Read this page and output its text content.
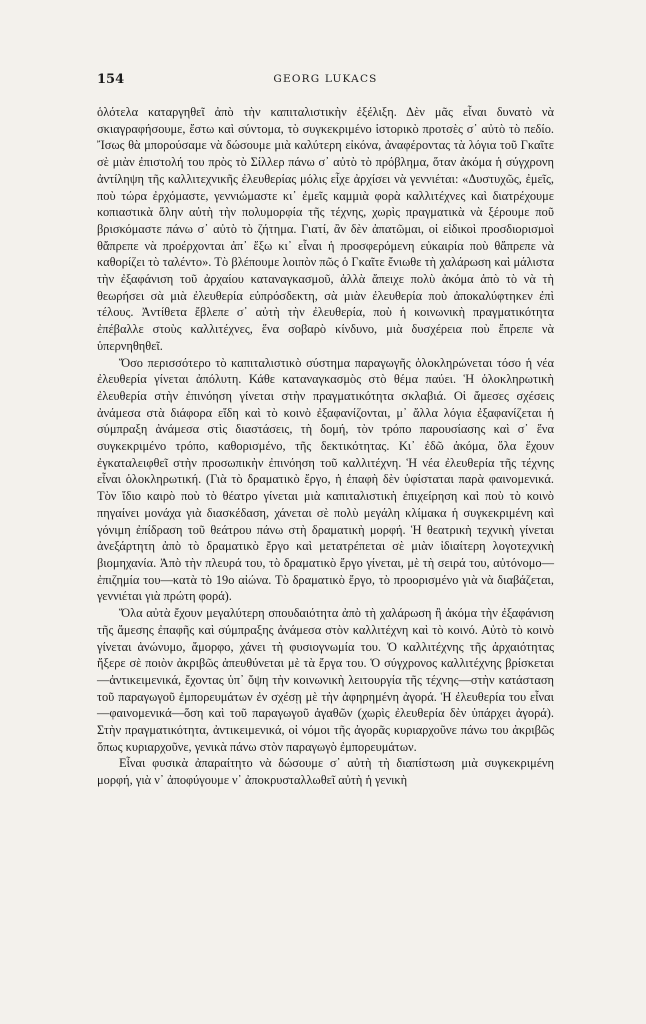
154	GEORG LUKACS

ὁλότελα καταργηθεῖ ἀπὸ τὴν καπιταλιστικὴν ἐξέλιξη. Δὲν μᾶς εἶναι δυνατὸ νὰ σκιαγραφήσουμε, ἔστω καὶ σύντομα, τὸ συγκεκριμένο ἱστορικὸ προτσὲς σ᾽ αὐτὸ τὸ πεδίο. Ἴσως θὰ μπορούσαμε νὰ δώσουμε μιὰ καλύτερη εἰκόνα, ἀναφέροντας τὰ λόγια τοῦ Γκαῖτε σὲ μιὰν ἐπιστολή του πρὸς τὸ Σίλλερ πάνω σ᾽ αὐτὸ τὸ πρόβλημα, ὅταν ἀκόμα ἡ σύγχρονη ἀντίληψη τῆς καλλιτεχνικῆς ἐλευθερίας μόλις εἶχε ἀρχίσει νὰ γεννιέται: «Δυστυχῶς, ἐμεῖς, ποὺ τώρα ἐρχόμαστε, γεννιώμαστε κι᾽ ἐμεῖς καμμιὰ φορὰ καλλιτέχνες καὶ διατρέχουμε κοπιαστικὰ ὅλην αὐτὴ τὴν πολυμορφία τῆς τέχνης, χωρὶς πραγματικὰ νὰ ξέρουμε ποῦ βρισκόμαστε πάνω σ᾽ αὐτὸ τὸ ζήτημα. Γιατί, ἂν δὲν ἀπατῶμαι, οἱ εἰδικοὶ προσδιορισμοὶ θἄπρεπε νὰ προέρχονται ἀπ᾽ ἔξω κι᾽ εἶναι ἡ προσφερόμενη εὐκαιρία ποὺ θἄπρεπε νὰ καθορίζει τὸ ταλέντο». Τὸ βλέπουμε λοιπὸν πῶς ὁ Γκαῖτε ἔνιωθε τὴ χαλάρωση καὶ μάλιστα τὴν ἐξαφάνιση τοῦ ἀρχαίου καταναγκασμοῦ, ἀλλὰ ἄπειχε πολὺ ἀκόμα ἀπὸ τὸ νὰ τὴ θεωρήσει σὰ μιὰ ἐλευθερία εὐπρόσδεκτη, σὰ μιὰν ἐλευθερία ποὺ ἀποκαλύφτηκεν ἐπὶ τέλους. Ἀντίθετα ἔβλεπε σ᾽ αὐτὴ τὴν ἐλευθερία, ποὺ ἡ κοινωνικὴ πραγματικότητα ἐπέβαλλε στοὺς καλλιτέχνες, ἕνα σοβαρὸ κίνδυνο, μιὰ δυσχέρεια ποὺ ἔπρεπε νὰ ὑπερνηθηθεῖ.

Ὅσο περισσότερο τὸ καπιταλιστικὸ σύστημα παραγωγῆς ὁλοκληρώνεται τόσο ἡ νέα ἐλευθερία γίνεται ἀπόλυτη. Κάθε καταναγκασμὸς στὸ θέμα παύει. Ἡ ὁλοκληρωτικὴ ἐλευθερία στὴν ἐπινόηση γίνεται στὴν πραγματικότητα σκλαβιά. Οἱ ἄμεσες σχέσεις ἀνάμεσα στὰ διάφορα εἴδη καὶ τὸ κοινὸ ἐξαφανίζονται, μ᾽ ἄλλα λόγια ἐξαφανίζεται ἡ σύμπραξη ἀνάμεσα στὶς διαστάσεις, τὴ δομή, τὸν τρόπο παρουσίασης καὶ σ᾽ ἕνα συγκεκριμένο τρόπο, καθορισμένο, τῆς δεκτικότητας. Κι᾽ ἐδῶ ἀκόμα, ὅλα ἔχουν ἐγκαταλειφθεῖ στὴν προσωπικὴν ἐπινόηση τοῦ καλλιτέχνη. Ἡ νέα ἐλευθερία τῆς τέχνης εἶναι ὁλοκληρωτική. (Γιὰ τὸ δραματικὸ ἔργο, ἡ ἐπαφὴ δὲν ὑφίσταται παρὰ φαινομενικά. Τὸν ἴδιο καιρὸ ποὺ τὸ θέατρο γίνεται μιὰ καπιταλιστικὴ ἐπιχείρηση καὶ ποὺ τὸ κοινὸ πηγαίνει μονάχα γιὰ διασκέδαση, χάνεται σὲ πολὺ μεγάλη κλίμακα ἡ συγκεκριμένη καὶ γόνιμη ἐπίδραση τοῦ θεάτρου πάνω στὴ δραματικὴ μορφή. Ἡ θεατρικὴ τεχνικὴ γίνεται ἀνεξάρτητη ἀπὸ τὸ δραματικὸ ἔργο καὶ μετατρέπεται σὲ μιὰν ἰδιαίτερη λογοτεχνικὴ βιομηχανία. Ἀπὸ τὴν πλευρά του, τὸ δραματικὸ ἔργο γίνεται, μὲ τὴ σειρά του, αὐτόνομο—ἐπιζημία του—κατὰ τὸ 19ο αἰώνα. Τὸ δραματικὸ ἔργο, τὸ προορισμένο γιὰ νὰ διαβάζεται, γεννιέται γιὰ πρώτη φορά).

Ὅλα αὐτὰ ἔχουν μεγαλύτερη σπουδαιότητα ἀπὸ τὴ χαλάρωση ἢ ἀκόμα τὴν ἐξαφάνιση τῆς ἄμεσης ἐπαφῆς καὶ σύμπραξης ἀνάμεσα στὸν καλλιτέχνη καὶ τὸ κοινό. Αὐτὸ τὸ κοινὸ γίνεται ἀνώνυμο, ἄμορφο, χάνει τὴ φυσιογνωμία του. Ὁ καλλιτέχνης τῆς ἀρχαιότητας ἤξερε σὲ ποιὸν ἀκριβῶς ἀπευθύνεται μὲ τὰ ἔργα του. Ὁ σύγχρονος καλλιτέχνης βρίσκεται—ἀντικειμενικά, ἔχοντας ὑπ᾽ ὄψη τὴν κοινωνικὴ λειτουργία τῆς τέχνης—στὴν κατάσταση τοῦ παραγωγοῦ ἐμπορευμάτων ἐν σχέσῃ μὲ τὴν ἀφηρημένη ἀγορά. Ἡ ἐλευθερία του εἶναι—φαινομενικά—ὅση καὶ τοῦ παραγωγοῦ ἀγαθῶν (χωρὶς ἐλευθερία δὲν ὑπάρχει ἀγορά). Στὴν πραγματικότητα, ἀντικειμενικά, οἱ νόμοι τῆς ἀγορᾶς κυριαρχοῦνε πάνω του ἀκριβῶς ὅπως κυριαρχοῦνε, γενικὰ πάνω στὸν παραγωγὸ ἐμπορευμάτων.

Εἶναι φυσικὰ ἀπαραίτητο νὰ δώσουμε σ᾽ αὐτὴ τὴ διαπίστωση μιὰ συγκεκριμένη μορφή, γιὰ ν᾽ ἀποφύγουμε ν᾽ ἀποκρυσταλλωθεῖ αὐτὴ ἡ γενικὴ
